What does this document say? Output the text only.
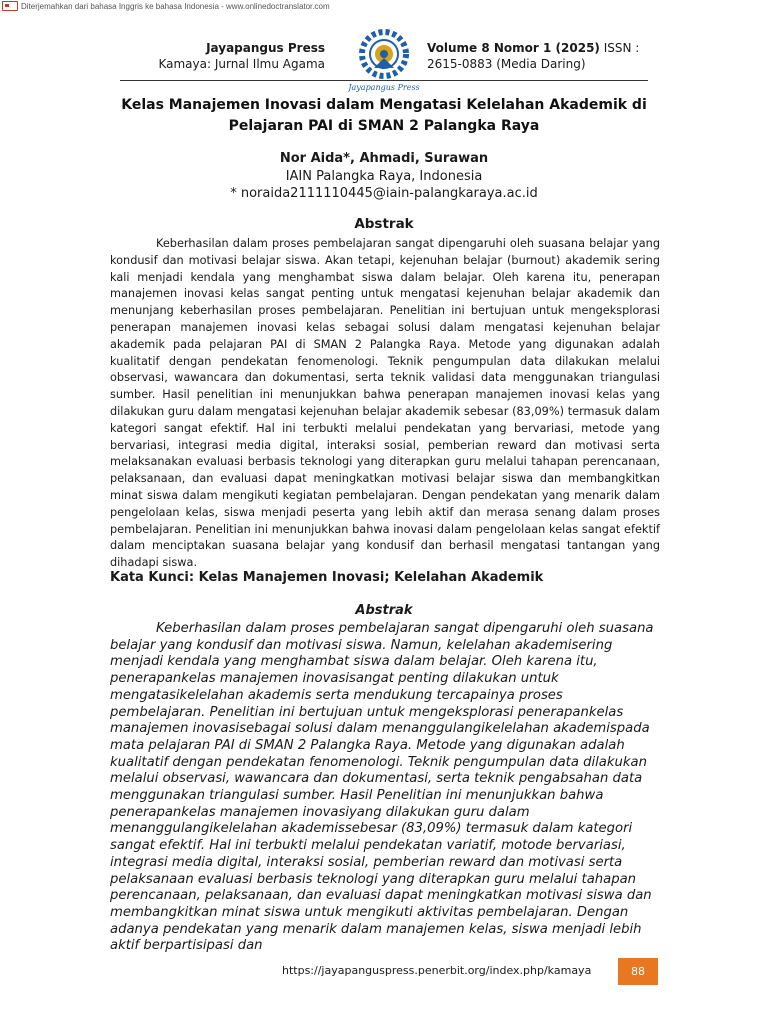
Diterjemahkan dari bahasa Inggris ke bahasa Indonesia - www.onlinedoctranslator.com
Jayapangus Press
Kamaya: Jurnal Ilmu Agama
Jayapangus Press
Volume 8 Nomor 1 (2025) ISSN : 2615-0883 (Media Daring)
Kelas Manajemen Inovasi dalam Mengatasi Kelelahan Akademik di Pelajaran PAI di SMAN 2 Palangka Raya
Nor Aida*, Ahmadi, Surawan
IAIN Palangka Raya, Indonesia
* noraida2111110445@iain-palangkaraya.ac.id
Abstrak
Keberhasilan dalam proses pembelajaran sangat dipengaruhi oleh suasana belajar yang kondusif dan motivasi belajar siswa. Akan tetapi, kejenuhan belajar (burnout) akademik sering kali menjadi kendala yang menghambat siswa dalam belajar. Oleh karena itu, penerapan manajemen inovasi kelas sangat penting untuk mengatasi kejenuhan belajar akademik dan menunjang keberhasilan proses pembelajaran. Penelitian ini bertujuan untuk mengeksplorasi penerapan manajemen inovasi kelas sebagai solusi dalam mengatasi kejenuhan belajar akademik pada pelajaran PAI di SMAN 2 Palangka Raya. Metode yang digunakan adalah kualitatif dengan pendekatan fenomenologi. Teknik pengumpulan data dilakukan melalui observasi, wawancara dan dokumentasi, serta teknik validasi data menggunakan triangulasi sumber. Hasil penelitian ini menunjukkan bahwa penerapan manajemen inovasi kelas yang dilakukan guru dalam mengatasi kejenuhan belajar akademik sebesar (83,09%) termasuk dalam kategori sangat efektif. Hal ini terbukti melalui pendekatan yang bervariasi, metode yang bervariasi, integrasi media digital, interaksi sosial, pemberian reward dan motivasi serta melaksanakan evaluasi berbasis teknologi yang diterapkan guru melalui tahapan perencanaan, pelaksanaan, dan evaluasi dapat meningkatkan motivasi belajar siswa dan membangkitkan minat siswa dalam mengikuti kegiatan pembelajaran. Dengan pendekatan yang menarik dalam pengelolaan kelas, siswa menjadi peserta yang lebih aktif dan merasa senang dalam proses pembelajaran. Penelitian ini menunjukkan bahwa inovasi dalam pengelolaan kelas sangat efektif dalam menciptakan suasana belajar yang kondusif dan berhasil mengatasi tantangan yang dihadapi siswa.
Kata Kunci: Kelas Manajemen Inovasi; Kelelahan Akademik
Abstrak
Keberhasilan dalam proses pembelajaran sangat dipengaruhi oleh suasana belajar yang kondusif dan motivasi siswa. Namun, kelelahan akademisering menjadi kendala yang menghambat siswa dalam belajar. Oleh karena itu, penerapankelas manajemen inovasisangat penting dilakukan untuk mengatasikelelahan akademis serta mendukung tercapainya proses pembelajaran. Penelitian ini bertujuan untuk mengeksplorasi penerapankelas manajemen inovasisebagai solusi dalam menanggulangikelelahan akademispada mata pelajaran PAI di SMAN 2 Palangka Raya. Metode yang digunakan adalah kualitatif dengan pendekatan fenomenologi. Teknik pengumpulan data dilakukan melalui observasi, wawancara dan dokumentasi, serta teknik pengabsahan data menggunakan triangulasi sumber. Hasil Penelitian ini menunjukkan bahwa penerapankelas manajemen inovasiyang dilakukan guru dalam menanggulangikelelahan akademissebesar (83,09%) termasuk dalam kategori sangat efektif. Hal ini terbukti melalui pendekatan variatif, motode bervariasi, integrasi media digital, interaksi sosial, pemberian reward dan motivasi serta pelaksanaan evaluasi berbasis teknologi yang diterapkan guru melalui tahapan perencanaan, pelaksanaan, dan evaluasi dapat meningkatkan motivasi siswa dan membangkitkan minat siswa untuk mengikuti aktivitas pembelajaran. Dengan adanya pendekatan yang menarik dalam manajemen kelas, siswa menjadi lebih aktif berpartisipasi dan
https://jayapanguspress.penerbit.org/index.php/kamaya	88
